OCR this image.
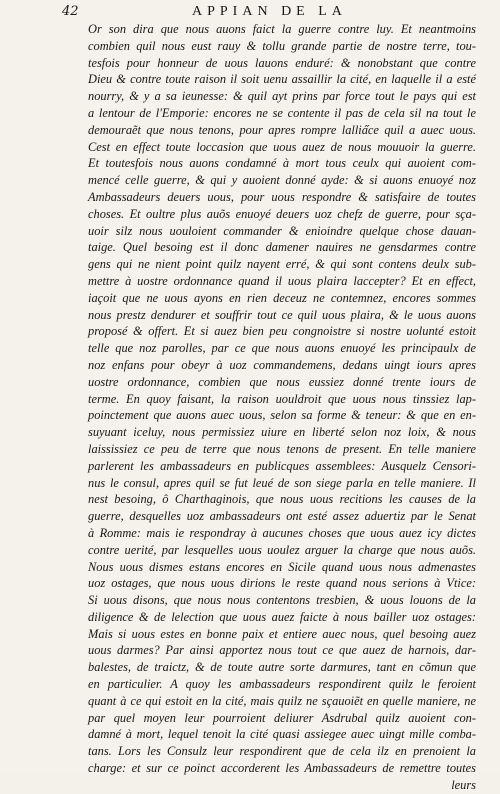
42	APPIAN DE LA
Or son dira que nous auons faict la guerre contre luy. Et neantmoins
combien quil nous eust rauy & tollu grande partie de nostre terre, tou-
tesfois pour honneur de uous lauons enduré: & nonobstant que contre
Dieu & contre toute raison il soit uenu assaillir la cité, en laquelle il a esté
nourry, & y a sa ieunesse: & quil ayt prins par force tout le pays qui est
a lentour de l'Emporie: encores ne se contente il pas de cela sil na tout le
demouraẽt que nous tenons, pour apres rompre lallia̋ce quil a auec uous.
Cest en effect toute loccasion que uous auez de nous mouuoir la guerre.
Et toutesfois nous auons condamné à mort tous ceulx qui auoient com-
mencé celle guerre, & qui y auoient donné ayde: & si auons enuoyé noz
Ambassadeurs deuers uous, pour uous respondre & satisfaire de toutes
choses. Et oultre plus auõs enuoyé deuers uoz chefz de guerre, pour sça-
uoir silz nous uouloient commander & enioindre quelque chose dauan-
taige. Quel besoing est il donc damener nauires ne gensdarmes contre
gens qui ne nient point quilz nayent erré, & qui sont contens deulx sub-
mettre à uostre ordonnance quand il uous plaira laccepter? Et en effect,
iaçoit que ne uous ayons en rien deceuz ne contemnez, encores sommes
nous prestz dendurer et souffrir tout ce quil uous plaira, & le uous auons
proposé & offert. Et si auez bien peu congnoistre si nostre uolunté estoit
telle que noz parolles, par ce que nous auons enuoyé les principaulx de
noz enfans pour obeyr à uoz commandemens, dedans uingt iours apres
uostre ordonnance, combien que nous eussiez donné trente iours de
terme. En quoy faisant, la raison uouldroit que uous nous tinssiez lap-
poinctement que auons auec uous, selon sa forme & teneur: & que en en-
suyuant iceluy, nous permissiez uiure en liberté selon noz loix, & nous
laississiez ce peu de terre que nous tenons de present. En telle maniere
parlerent les ambassadeurs en publicques assemblees: Ausquelz Censori-
nus le consul, apres quil se fut leué de son siege parla en telle maniere. Il
nest besoing, ô Charthaginois, que nous uous recitions les causes de la
guerre, desquelles uoz ambassadeurs ont esté assez aduertiz par le Senat
à Romme: mais ie respondray à aucunes choses que uous auez icy dictes
contre uerité, par lesquelles uous uoulez arguer la charge que nous auõs.
Nous uous dismes estans encores en Sicile quand uous nous admenastes
uoz ostages, que nous uous dirions le reste quand nous serions à Vtice:
Si uous disons, que nous nous contentons tresbien, & uous louons de la
diligence & de lelection que uous auez faicte à nous bailler uoz ostages:
Mais si uous estes en bonne paix et entiere auec nous, quel besoing auez
uous darmes? Par ainsi apportez nous tout ce que auez de harnois, dar-
balestes, de traictz, & de toute autre sorte darmures, tant en cõmun que
en particulier. A quoy les ambassadeurs respondirent quilz le feroient
quant à ce qui estoit en la cité, mais quilz ne sçauoiẽt en quelle maniere, ne
par quel moyen leur pourroient deliurer Asdrubal quilz auoient con-
damné à mort, lequel tenoit la cité quasi assiegee auec uingt mille comba-
tans. Lors les Consulz leur respondirent que de cela ilz en prenoient la
charge: et sur ce poinct accorderent les Ambassadeurs de remettre toutes
leurs
